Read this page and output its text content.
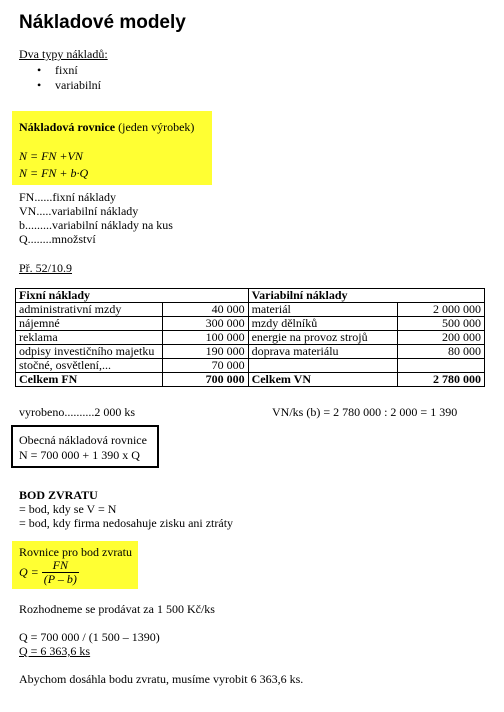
Nákladové modely
Dva typy nákladů:
• fixní
• variabilní
Nákladová rovnice (jeden výrobek)
N = FN +VN
N = FN + b·Q
FN......fixní náklady
VN.....variabilní náklady
b.........variabilní náklady na kus
Q........množství
Př. 52/10.9
Fixní náklady		Variabilní náklady	
administrativní mzdy	40 000	materiál	2 000 000
nájemné	300 000	mzdy dělníků	500 000
reklama	100 000	energie na provoz strojů	200 000
odpisy investičního majetku	190 000	doprava materiálu	80 000
stočné, osvětlení,...	70 000		
Celkem FN	700 000	Celkem VN	2 780 000
vyrobeno..........2 000 ks	VN/ks (b) = 2 780 000 : 2 000 = 1 390
Obecná nákladová rovnice
N = 700 000 + 1 390 x Q
BOD ZVRATU
= bod, kdy se V = N
= bod, kdy firma nedosahuje zisku ani ztráty
Rovnice pro bod zvratu
$Q = \frac{FN}{(P - b)}$
Rozhodneme se prodávat za 1 500 Kč/ks
Q = 700 000 / (1 500 – 1390)
Q = 6 363,6 ks
Abychom dosáhla bodu zvratu, musíme vyrobit 6 363,6 ks.
